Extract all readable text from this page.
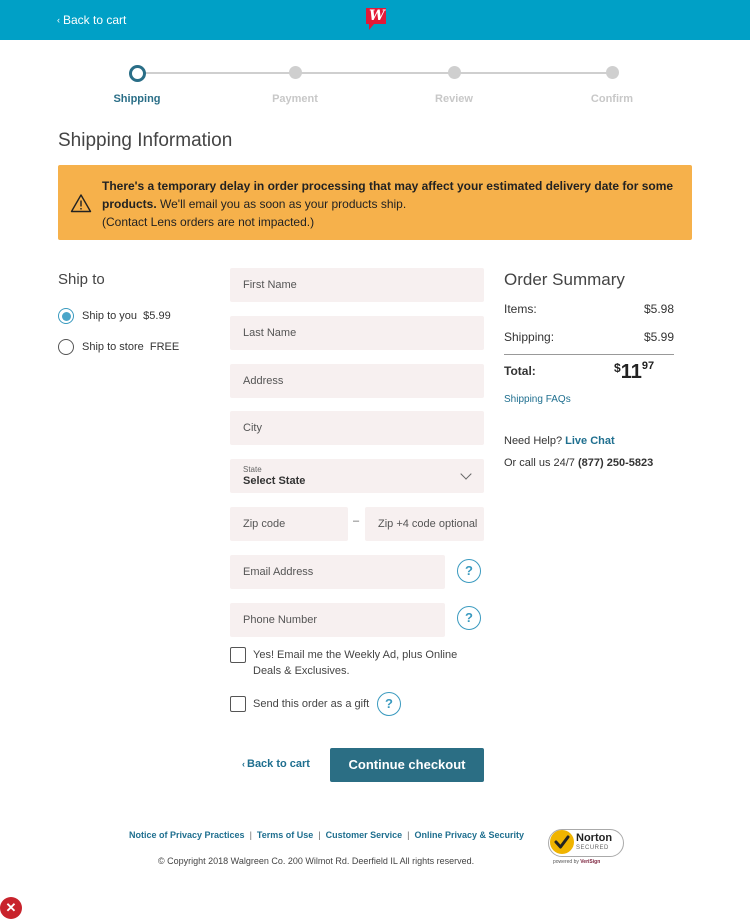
‹ Back to cart	W
Shipping	Payment	Review	Confirm
Shipping Information
There's a temporary delay in order processing that may affect your estimated delivery date for some products. We'll email you as soon as your products ship.
(Contact Lens orders are not impacted.)
Ship to
Ship to you $5.99
Ship to store FREE
First Name
Last Name
Address
City
State
Select State
Zip code	– Zip +4 code optional
Email Address	?
Phone Number	?
Yes! Email me the Weekly Ad, plus Online
Deals & Exclusives.
Send this order as a gift	?
Order Summary
Items:	$5.98
Shipping:	$5.99
Total:	$^{\$}11^{97}$
Shipping FAQs
Need Help? Live Chat
Or call us 24/7 (877) 250-5823
‹ Back to cart	Continue checkout
Notice of Privacy Practices | Terms of Use | Customer Service | Online Privacy & Security
© Copyright 2018 Walgreen Co. 200 Wilmot Rd. Deerfield IL All rights reserved.
Norton
SECURED
powered by VeriSign
✕
